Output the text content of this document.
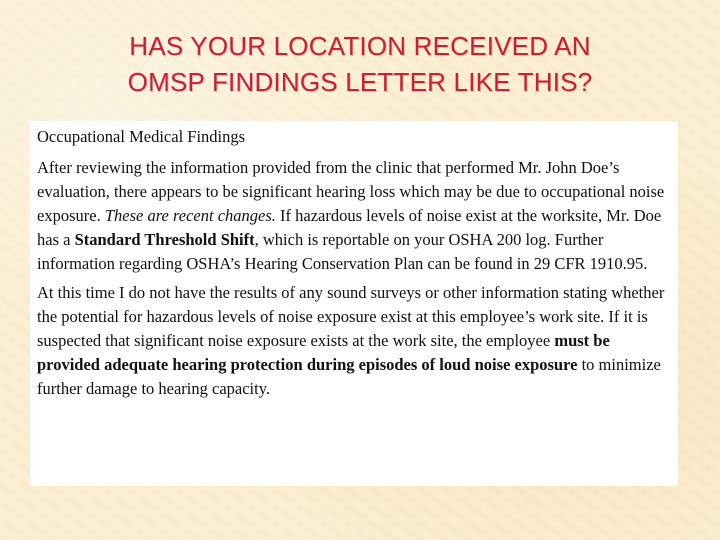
HAS YOUR LOCATION RECEIVED AN
OMSP FINDINGS LETTER LIKE THIS?
Occupational Medical Findings
After reviewing the information provided from the clinic that performed Mr. John Doe’s evaluation, there appears to be significant hearing loss which may be due to occupational noise exposure. These are recent changes. If hazardous levels of noise exist at the worksite, Mr. Doe has a Standard Threshold Shift, which is reportable on your OSHA 200 log. Further information regarding OSHA’s Hearing Conservation Plan can be found in 29 CFR 1910.95.
At this time I do not have the results of any sound surveys or other information stating whether the potential for hazardous levels of noise exposure exist at this employee’s work site. If it is suspected that significant noise exposure exists at the work site, the employee must be provided adequate hearing protection during episodes of loud noise exposure to minimize further damage to hearing capacity.
